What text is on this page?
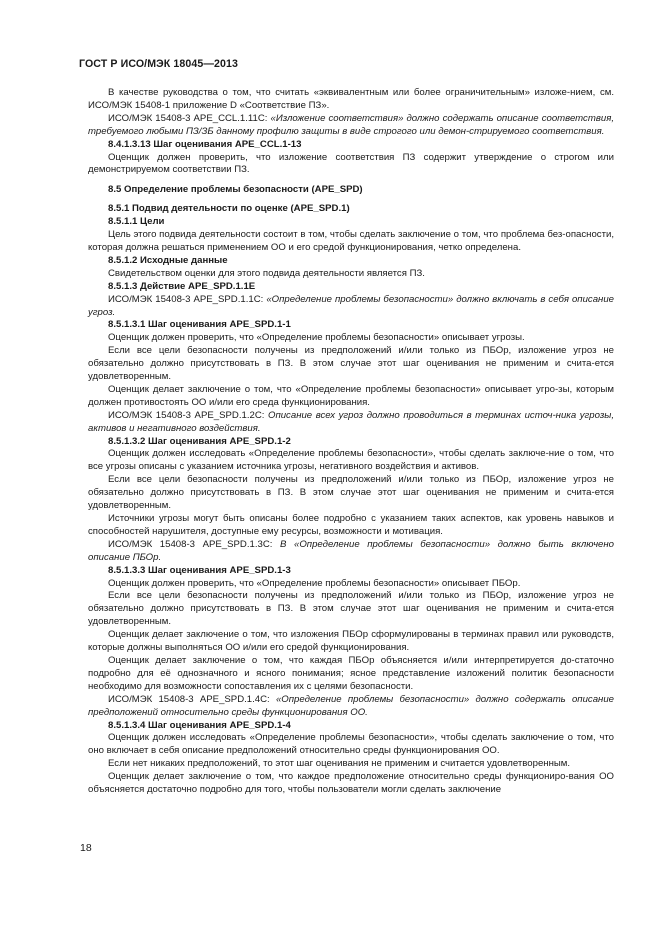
ГОСТ Р ИСО/МЭК 18045—2013

В качестве руководства о том, что считать «эквивалентным или более ограничительным» изложе-нием, см. ИСО/МЭК 15408-1 приложение D «Соответствие ПЗ».

ИСО/МЭК 15408-3 APE_CCL.1.11C: «Изложение соответствия» должно содержать описание соответствия, требуемого любыми ПЗ/ЗБ данному профилю защиты в виде строгого или демон-стрируемого соответствия.

8.4.1.3.13 Шаг оценивания APE_CCL.1-13

Оценщик должен проверить, что изложение соответствия ПЗ содержит утверждение о строгом или демонстрируемом соответствии ПЗ.

8.5 Определение проблемы безопасности (APE_SPD)

8.5.1 Подвид деятельности по оценке (APE_SPD.1)

8.5.1.1 Цели

Цель этого подвида деятельности состоит в том, чтобы сделать заключение о том, что проблема без-опасности, которая должна решаться применением ОО и его средой функционирования, четко определена.

8.5.1.2 Исходные данные

Свидетельством оценки для этого подвида деятельности является ПЗ.

8.5.1.3 Действие APE_SPD.1.1E

ИСО/МЭК 15408-3 APE_SPD.1.1C: «Определение проблемы безопасности» должно включать в себя описание угроз.

8.5.1.3.1 Шаг оценивания APE_SPD.1-1

Оценщик должен проверить, что «Определение проблемы безопасности» описывает угрозы.

Если все цели безопасности получены из предположений и/или только из ПБОр, изложение угроз не обязательно должно присутствовать в ПЗ. В этом случае этот шаг оценивания не применим и счита-ется удовлетворенным.

Оценщик делает заключение о том, что «Определение проблемы безопасности» описывает угро-зы, которым должен противостоять ОО и/или его среда функционирования.

ИСО/МЭК 15408-3 APE_SPD.1.2C: Описание всех угроз должно проводиться в терминах источ-ника угрозы, активов и негативного воздействия.

8.5.1.3.2 Шаг оценивания APE_SPD.1-2

Оценщик должен исследовать «Определение проблемы безопасности», чтобы сделать заключе-ние о том, что все угрозы описаны с указанием источника угрозы, негативного воздействия и активов.

Если все цели безопасности получены из предположений и/или только из ПБОр, изложение угроз не обязательно должно присутствовать в ПЗ. В этом случае этот шаг оценивания не применим и счита-ется удовлетворенным.

Источники угрозы могут быть описаны более подробно с указанием таких аспектов, как уровень навыков и способностей нарушителя, доступные ему ресурсы, возможности и мотивация.

ИСО/МЭК 15408-3 APE_SPD.1.3C: В «Определение проблемы безопасности» должно быть включено описание ПБОр.

8.5.1.3.3 Шаг оценивания APE_SPD.1-3

Оценщик должен проверить, что «Определение проблемы безопасности» описывает ПБОр.

Если все цели безопасности получены из предположений и/или только из ПБОр, изложение угроз не обязательно должно присутствовать в ПЗ. В этом случае этот шаг оценивания не применим и счита-ется удовлетворенным.

Оценщик делает заключение о том, что изложения ПБОр сформулированы в терминах правил или руководств, которые должны выполняться ОО и/или его средой функционирования.

Оценщик делает заключение о том, что каждая ПБОр объясняется и/или интерпретируется до-статочно подробно для её однозначного и ясного понимания; ясное представление изложений политик безопасности необходимо для возможности сопоставления их с целями безопасности.

ИСО/МЭК 15408-3 APE_SPD.1.4C: «Определение проблемы безопасности» должно содержать описание предположений относительно среды функционирования ОО.

8.5.1.3.4 Шаг оценивания APE_SPD.1-4

Оценщик должен исследовать «Определение проблемы безопасности», чтобы сделать заключение о том, что оно включает в себя описание предположений относительно среды функционирования ОО.

Если нет никаких предположений, то этот шаг оценивания не применим и считается удовлетворенным.

Оценщик делает заключение о том, что каждое предположение относительно среды функциониро-вания ОО объясняется достаточно подробно для того, чтобы пользователи могли сделать заключение

18
